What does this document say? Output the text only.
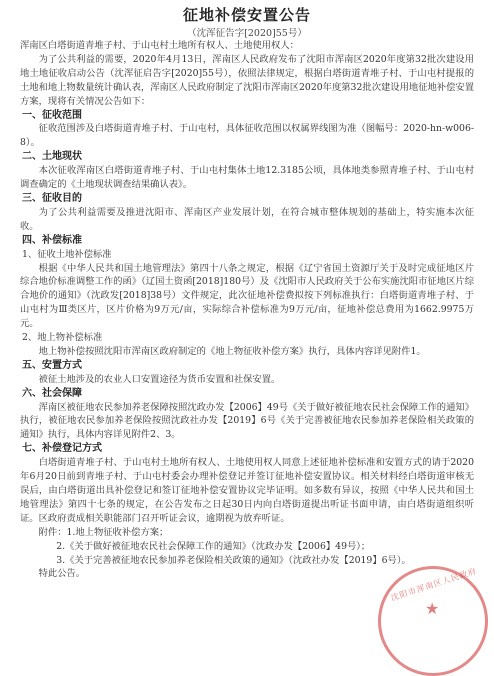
征地补偿安置公告
（沈浑征告字[2020]55号）

浑南区白塔街道青堆子村、于山屯村土地所有权人、土地使用权人：

为了公共利益的需要，2020年4月13日，浑南区人民政府发布了沈阳市浑南区2020年度第32批次建设用地土地征收启动公告（沈浑征启告字[2020]55号），依照法律规定，根据白塔街道青堆子村、于山屯村提报的土地和地上物数量统计确认表，浑南区人民政府制定了沈阳市浑南区2020年度第32批次建设用地征地补偿安置方案，现将有关情况公告如下：

一、征收范围

征收范围涉及白塔街道青堆子村、于山屯村，具体征收范围以权属界线图为准（图幅号：2020-hn-w006-8）。

二、土地现状

本次征收浑南区白塔街道青堆子村、于山屯村集体土地12.3185公顷，具体地类参照青堆子村、于山屯村调查确定的《土地现状调查结果确认表》。

三、征收目的

为了公共利益需要及推进沈阳市、浑南区产业发展计划，在符合城市整体规划的基础上，特实施本次征收。

四、补偿标准

1、征收土地补偿标准

根据《中华人民共和国土地管理法》第四十八条之规定，根据《辽宁省国土资源厅关于及时完成征地区片综合地价标准调整工作的函》（辽国土资函[2018]180号）及《沈阳市人民政府关于公布实施沈阳市征地区片综合地价的通知》（沈政发[2018]38号）文件规定，此次征地补偿费拟按下列标准执行：白塔街道青堆子村、于山屯村为Ⅲ类区片，区片价格为9万元/亩，实际综合补偿标准为9万元/亩，征地补偿总费用为1662.9975万元。

2、地上物补偿标准

地上物补偿按照沈阳市浑南区政府制定的《地上物征收补偿方案》执行，具体内容详见附件1。

五、安置方式

被征土地涉及的农业人口安置途径为货币安置和社保安置。

六、社会保障

浑南区被征地农民参加养老保障按照沈政办发【2006】49号《关于做好被征地农民社会保障工作的通知》执行，被征地农民参加养老保险按照沈政社办发【2019】6号《关于完善被征地农民参加养老保险相关政策的通知》执行，具体内容详见附件2、3。

七、补偿登记方式

白塔街道青堆子村、于山屯村土地所有权人、土地使用权人同意上述征地补偿标准和安置方式的请于2020年6月20日前到青堆子村、于山屯村委会办理补偿登记并签订征地补偿安置协议。相关材料经白塔街道审核无误后，由白塔街道出具补偿登记和签订征地补偿安置协议完毕证明。如多数有异议，按照《中华人民共和国土地管理法》第四十七条的规定，在公告发布之日起30日内向白塔街道提出听证书面申请，由白塔街道组织听证。区政府责成相关职能部门召开听证会议，逾期视为放弃听证。

附件：1.地上物征收补偿方案；

2.《关于做好被征地农民社会保障工作的通知》（沈政办发【2006】49号）；

3.《关于完善被征地农民参加养老保险相关政策的通知》（沈政社办发【2019】6号）。

特此公告。	沈阳市浑南区人民政府
★
